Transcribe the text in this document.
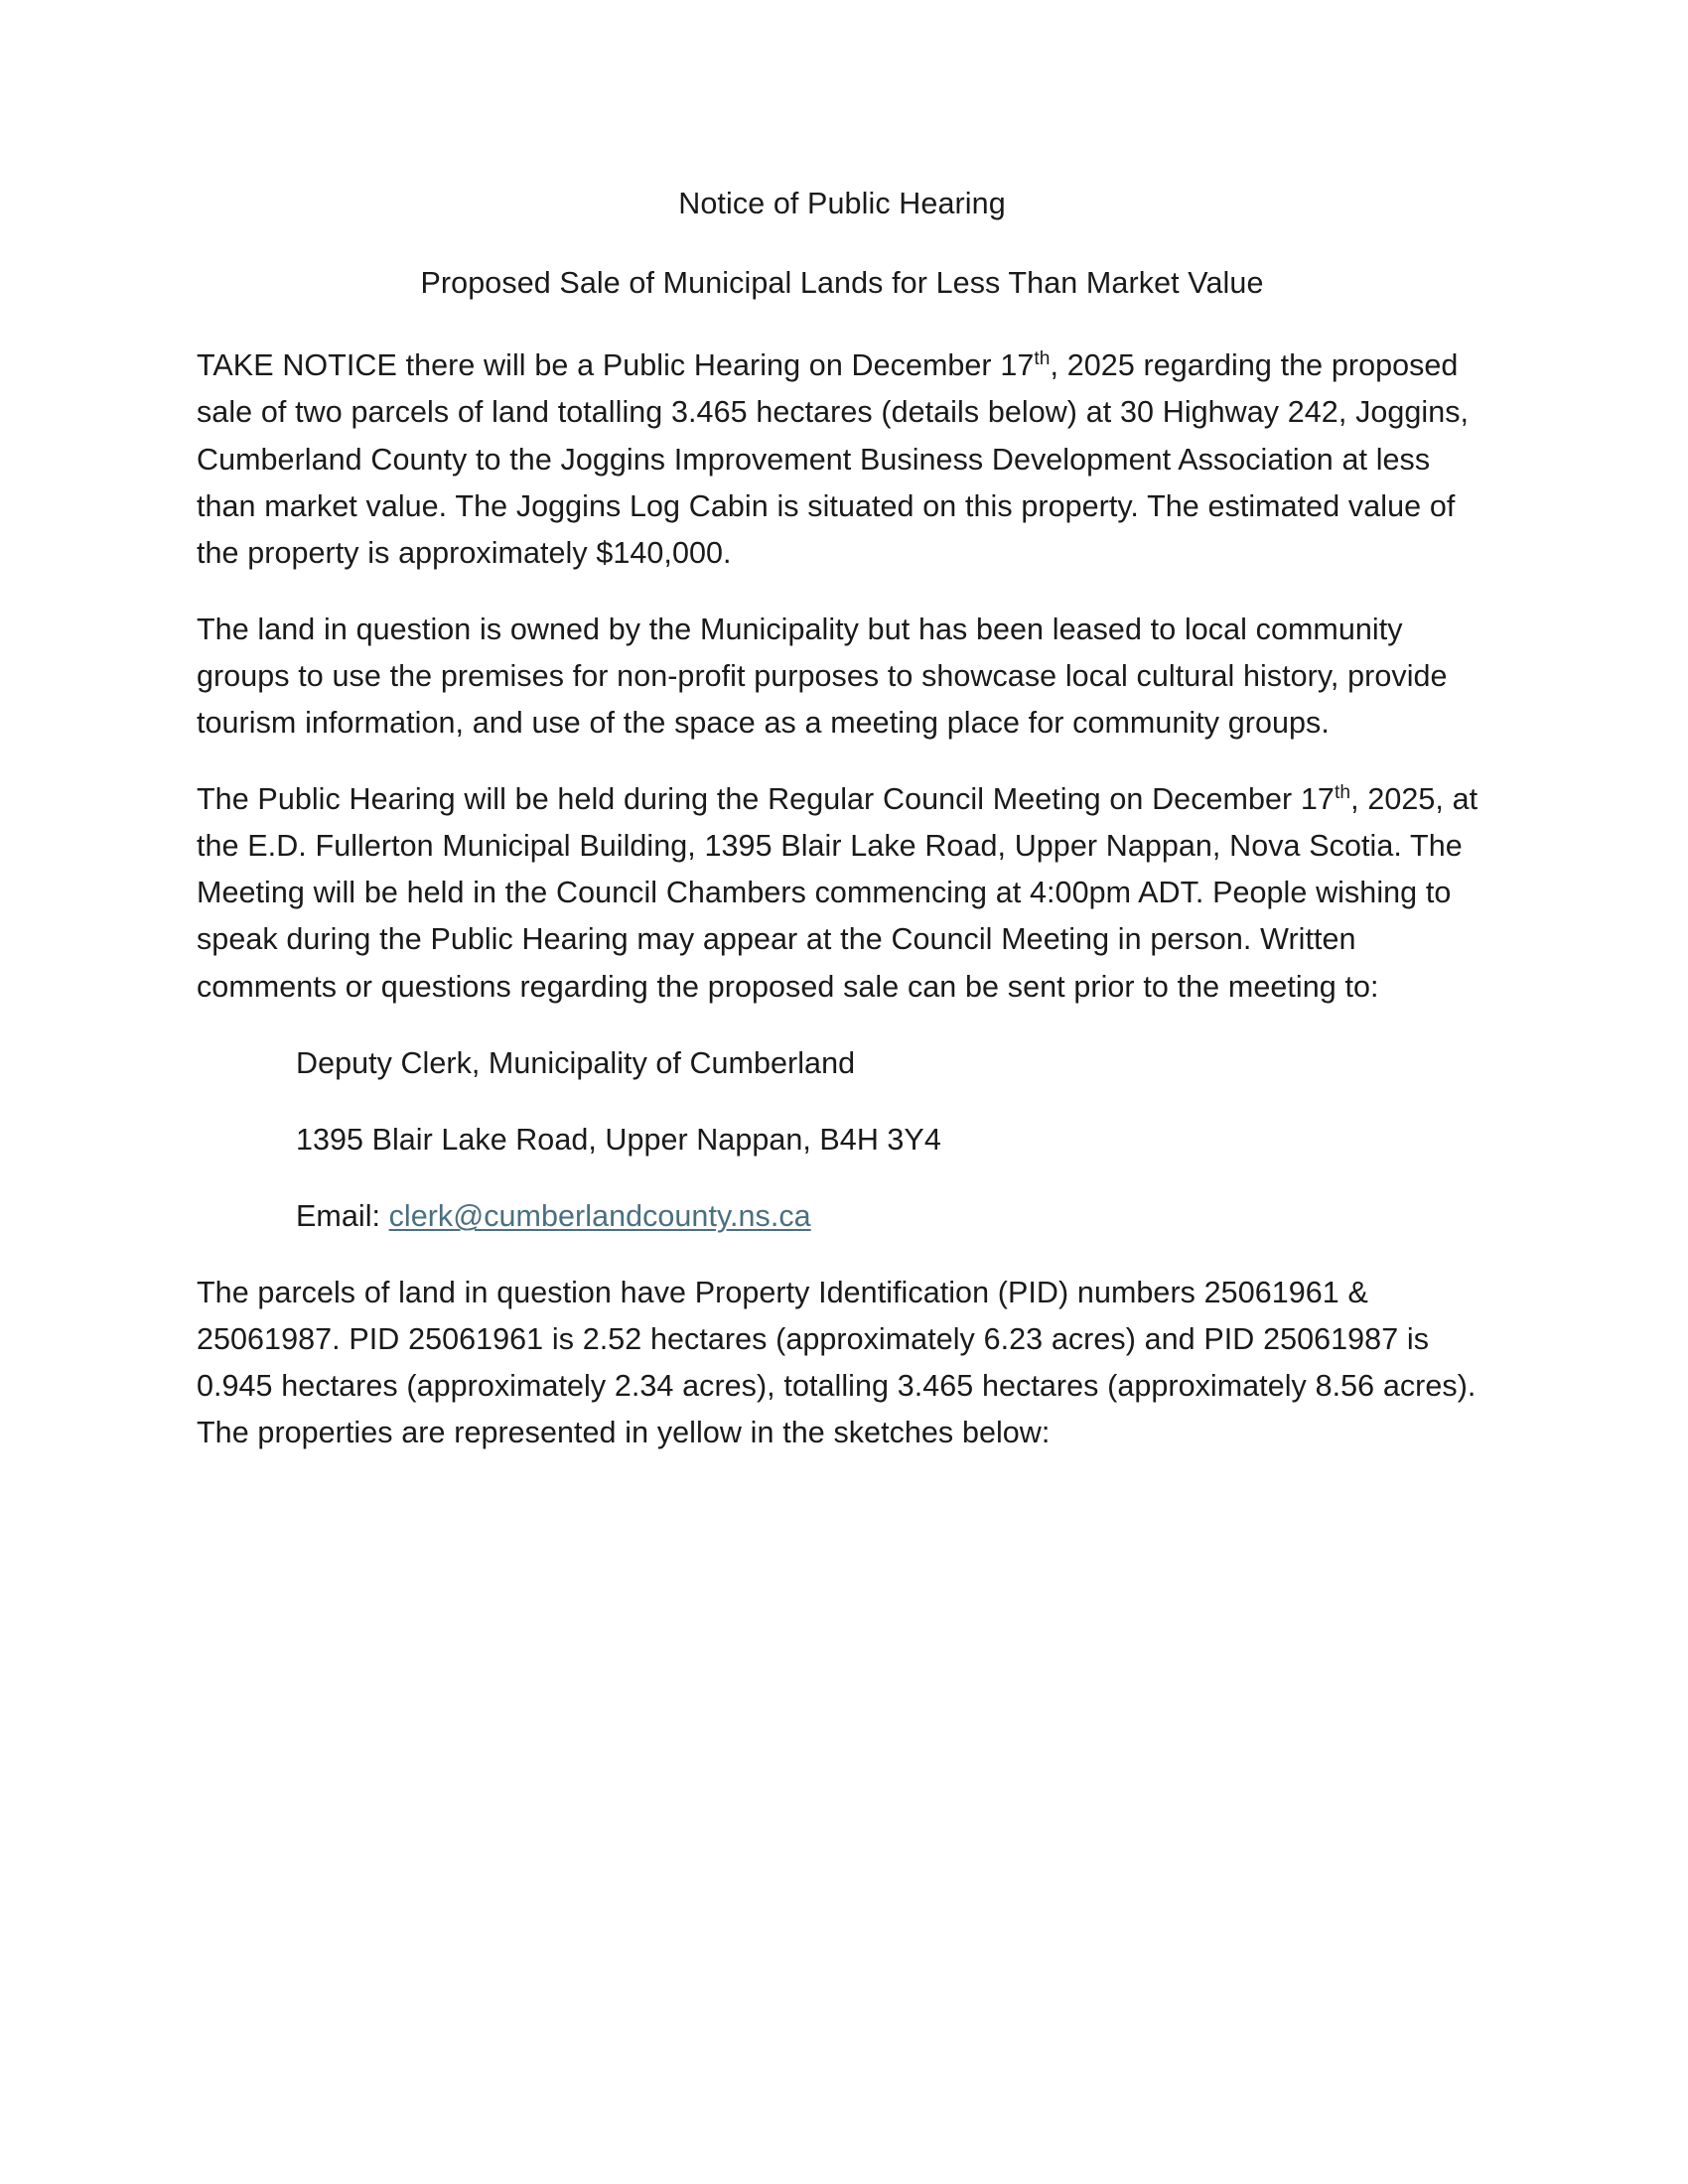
Notice of Public Hearing
Proposed Sale of Municipal Lands for Less Than Market Value

TAKE NOTICE there will be a Public Hearing on December 17th, 2025 regarding the proposed sale of two parcels of land totalling 3.465 hectares (details below) at 30 Highway 242, Joggins, Cumberland County to the Joggins Improvement Business Development Association at less than market value. The Joggins Log Cabin is situated on this property. The estimated value of the property is approximately $140,000.

The land in question is owned by the Municipality but has been leased to local community groups to use the premises for non-profit purposes to showcase local cultural history, provide tourism information, and use of the space as a meeting place for community groups.

The Public Hearing will be held during the Regular Council Meeting on December 17th, 2025, at the E.D. Fullerton Municipal Building, 1395 Blair Lake Road, Upper Nappan, Nova Scotia. The Meeting will be held in the Council Chambers commencing at 4:00pm ADT. People wishing to speak during the Public Hearing may appear at the Council Meeting in person. Written comments or questions regarding the proposed sale can be sent prior to the meeting to:

Deputy Clerk, Municipality of Cumberland
1395 Blair Lake Road, Upper Nappan, B4H 3Y4
Email: clerk@cumberlandcounty.ns.ca

The parcels of land in question have Property Identification (PID) numbers 25061961 & 25061987. PID 25061961 is 2.52 hectares (approximately 6.23 acres) and PID 25061987 is 0.945 hectares (approximately 2.34 acres), totalling 3.465 hectares (approximately 8.56 acres). The properties are represented in yellow in the sketches below:
